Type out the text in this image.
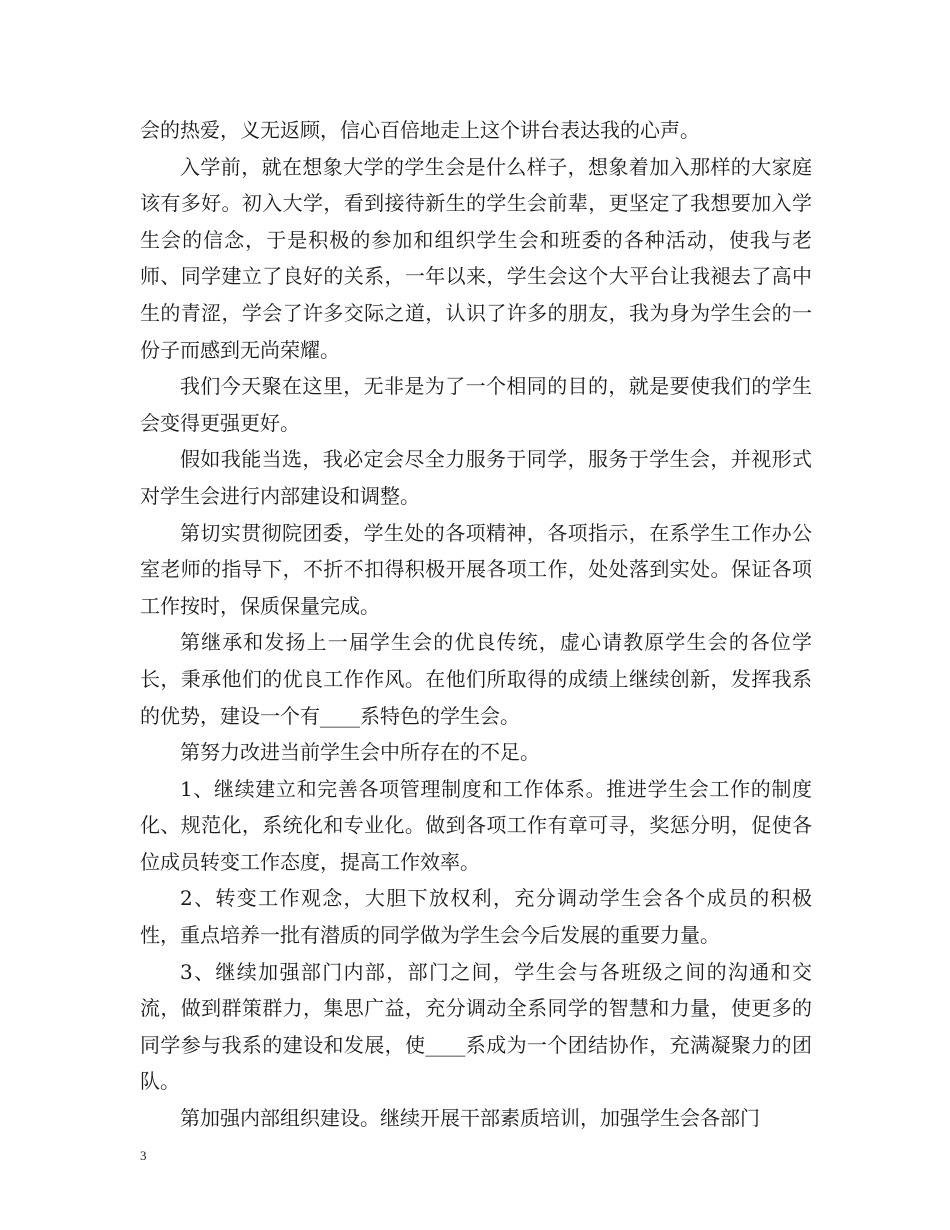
会的热爱，义无返顾，信心百倍地走上这个讲台表达我的心声。

入学前，就在想象大学的学生会是什么样子，想象着加入那样的大家庭该有多好。初入大学，看到接待新生的学生会前辈，更坚定了我想要加入学生会的信念，于是积极的参加和组织学生会和班委的各种活动，使我与老师、同学建立了良好的关系，一年以来，学生会这个大平台让我褪去了高中生的青涩，学会了许多交际之道，认识了许多的朋友，我为身为学生会的一份子而感到无尚荣耀。

我们今天聚在这里，无非是为了一个相同的目的，就是要使我们的学生会变得更强更好。

假如我能当选，我必定会尽全力服务于同学，服务于学生会，并视形式对学生会进行内部建设和调整。

第切实贯彻院团委，学生处的各项精神，各项指示，在系学生工作办公室老师的指导下，不折不扣得积极开展各项工作，处处落到实处。保证各项工作按时，保质保量完成。

第继承和发扬上一届学生会的优良传统，虚心请教原学生会的各位学长，秉承他们的优良工作作风。在他们所取得的成绩上继续创新，发挥我系的优势，建设一个有____系特色的学生会。

第努力改进当前学生会中所存在的不足。

1、继续建立和完善各项管理制度和工作体系。推进学生会工作的制度化、规范化，系统化和专业化。做到各项工作有章可寻，奖惩分明，促使各位成员转变工作态度，提高工作效率。

2、转变工作观念，大胆下放权利，充分调动学生会各个成员的积极性，重点培养一批有潜质的同学做为学生会今后发展的重要力量。

3、继续加强部门内部，部门之间，学生会与各班级之间的沟通和交流，做到群策群力，集思广益，充分调动全系同学的智慧和力量，使更多的同学参与我系的建设和发展，使____系成为一个团结协作，充满凝聚力的团队。

第加强内部组织建设。继续开展干部素质培训，加强学生会各部门

3
